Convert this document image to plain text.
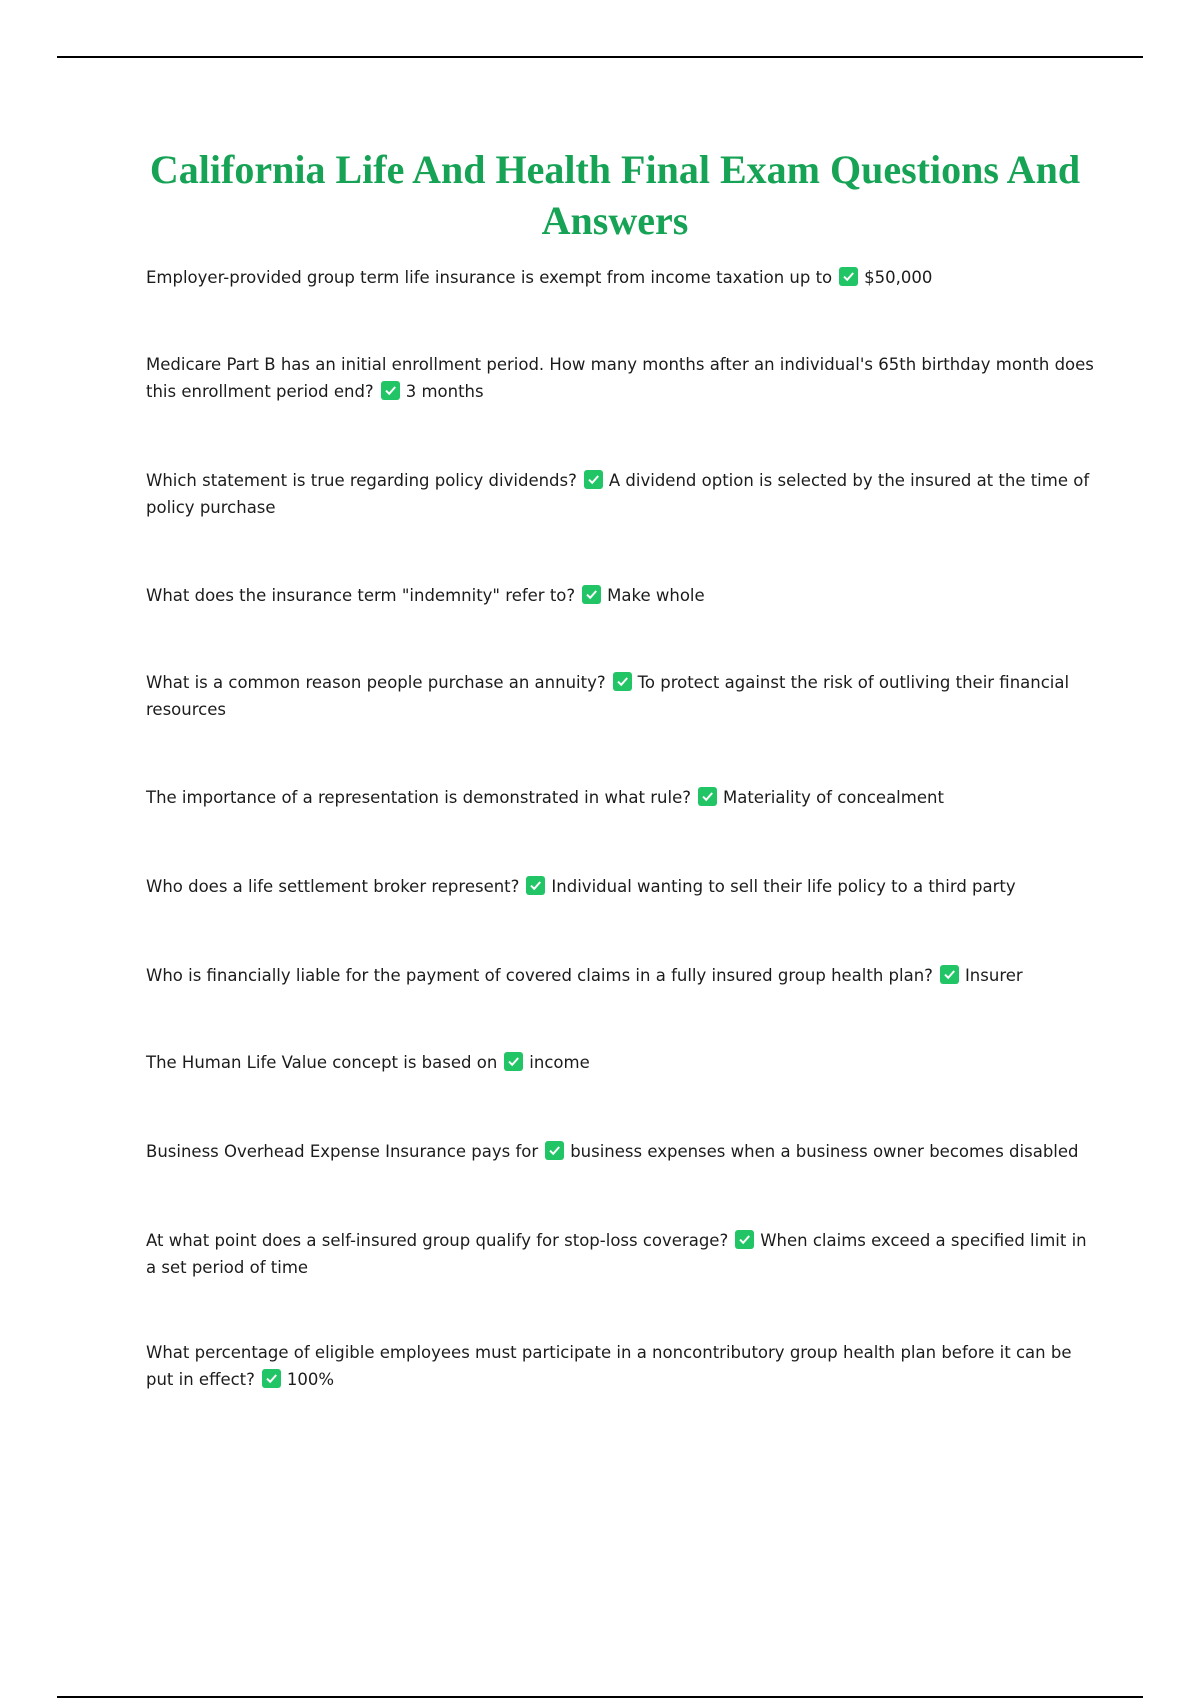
California Life And Health Final Exam Questions And Answers
Employer-provided group term life insurance is exempt from income taxation up to $50,000
Medicare Part B has an initial enrollment period. How many months after an individual's 65th birthday month does this enrollment period end? 3 months
Which statement is true regarding policy dividends? A dividend option is selected by the insured at the time of policy purchase
What does the insurance term "indemnity" refer to? Make whole
What is a common reason people purchase an annuity? To protect against the risk of outliving their financial resources
The importance of a representation is demonstrated in what rule? Materiality of concealment
Who does a life settlement broker represent? Individual wanting to sell their life policy to a third party
Who is financially liable for the payment of covered claims in a fully insured group health plan? Insurer
The Human Life Value concept is based on income
Business Overhead Expense Insurance pays for business expenses when a business owner becomes disabled
At what point does a self-insured group qualify for stop-loss coverage? When claims exceed a specified limit in a set period of time
What percentage of eligible employees must participate in a noncontributory group health plan before it can be put in effect? 100%
